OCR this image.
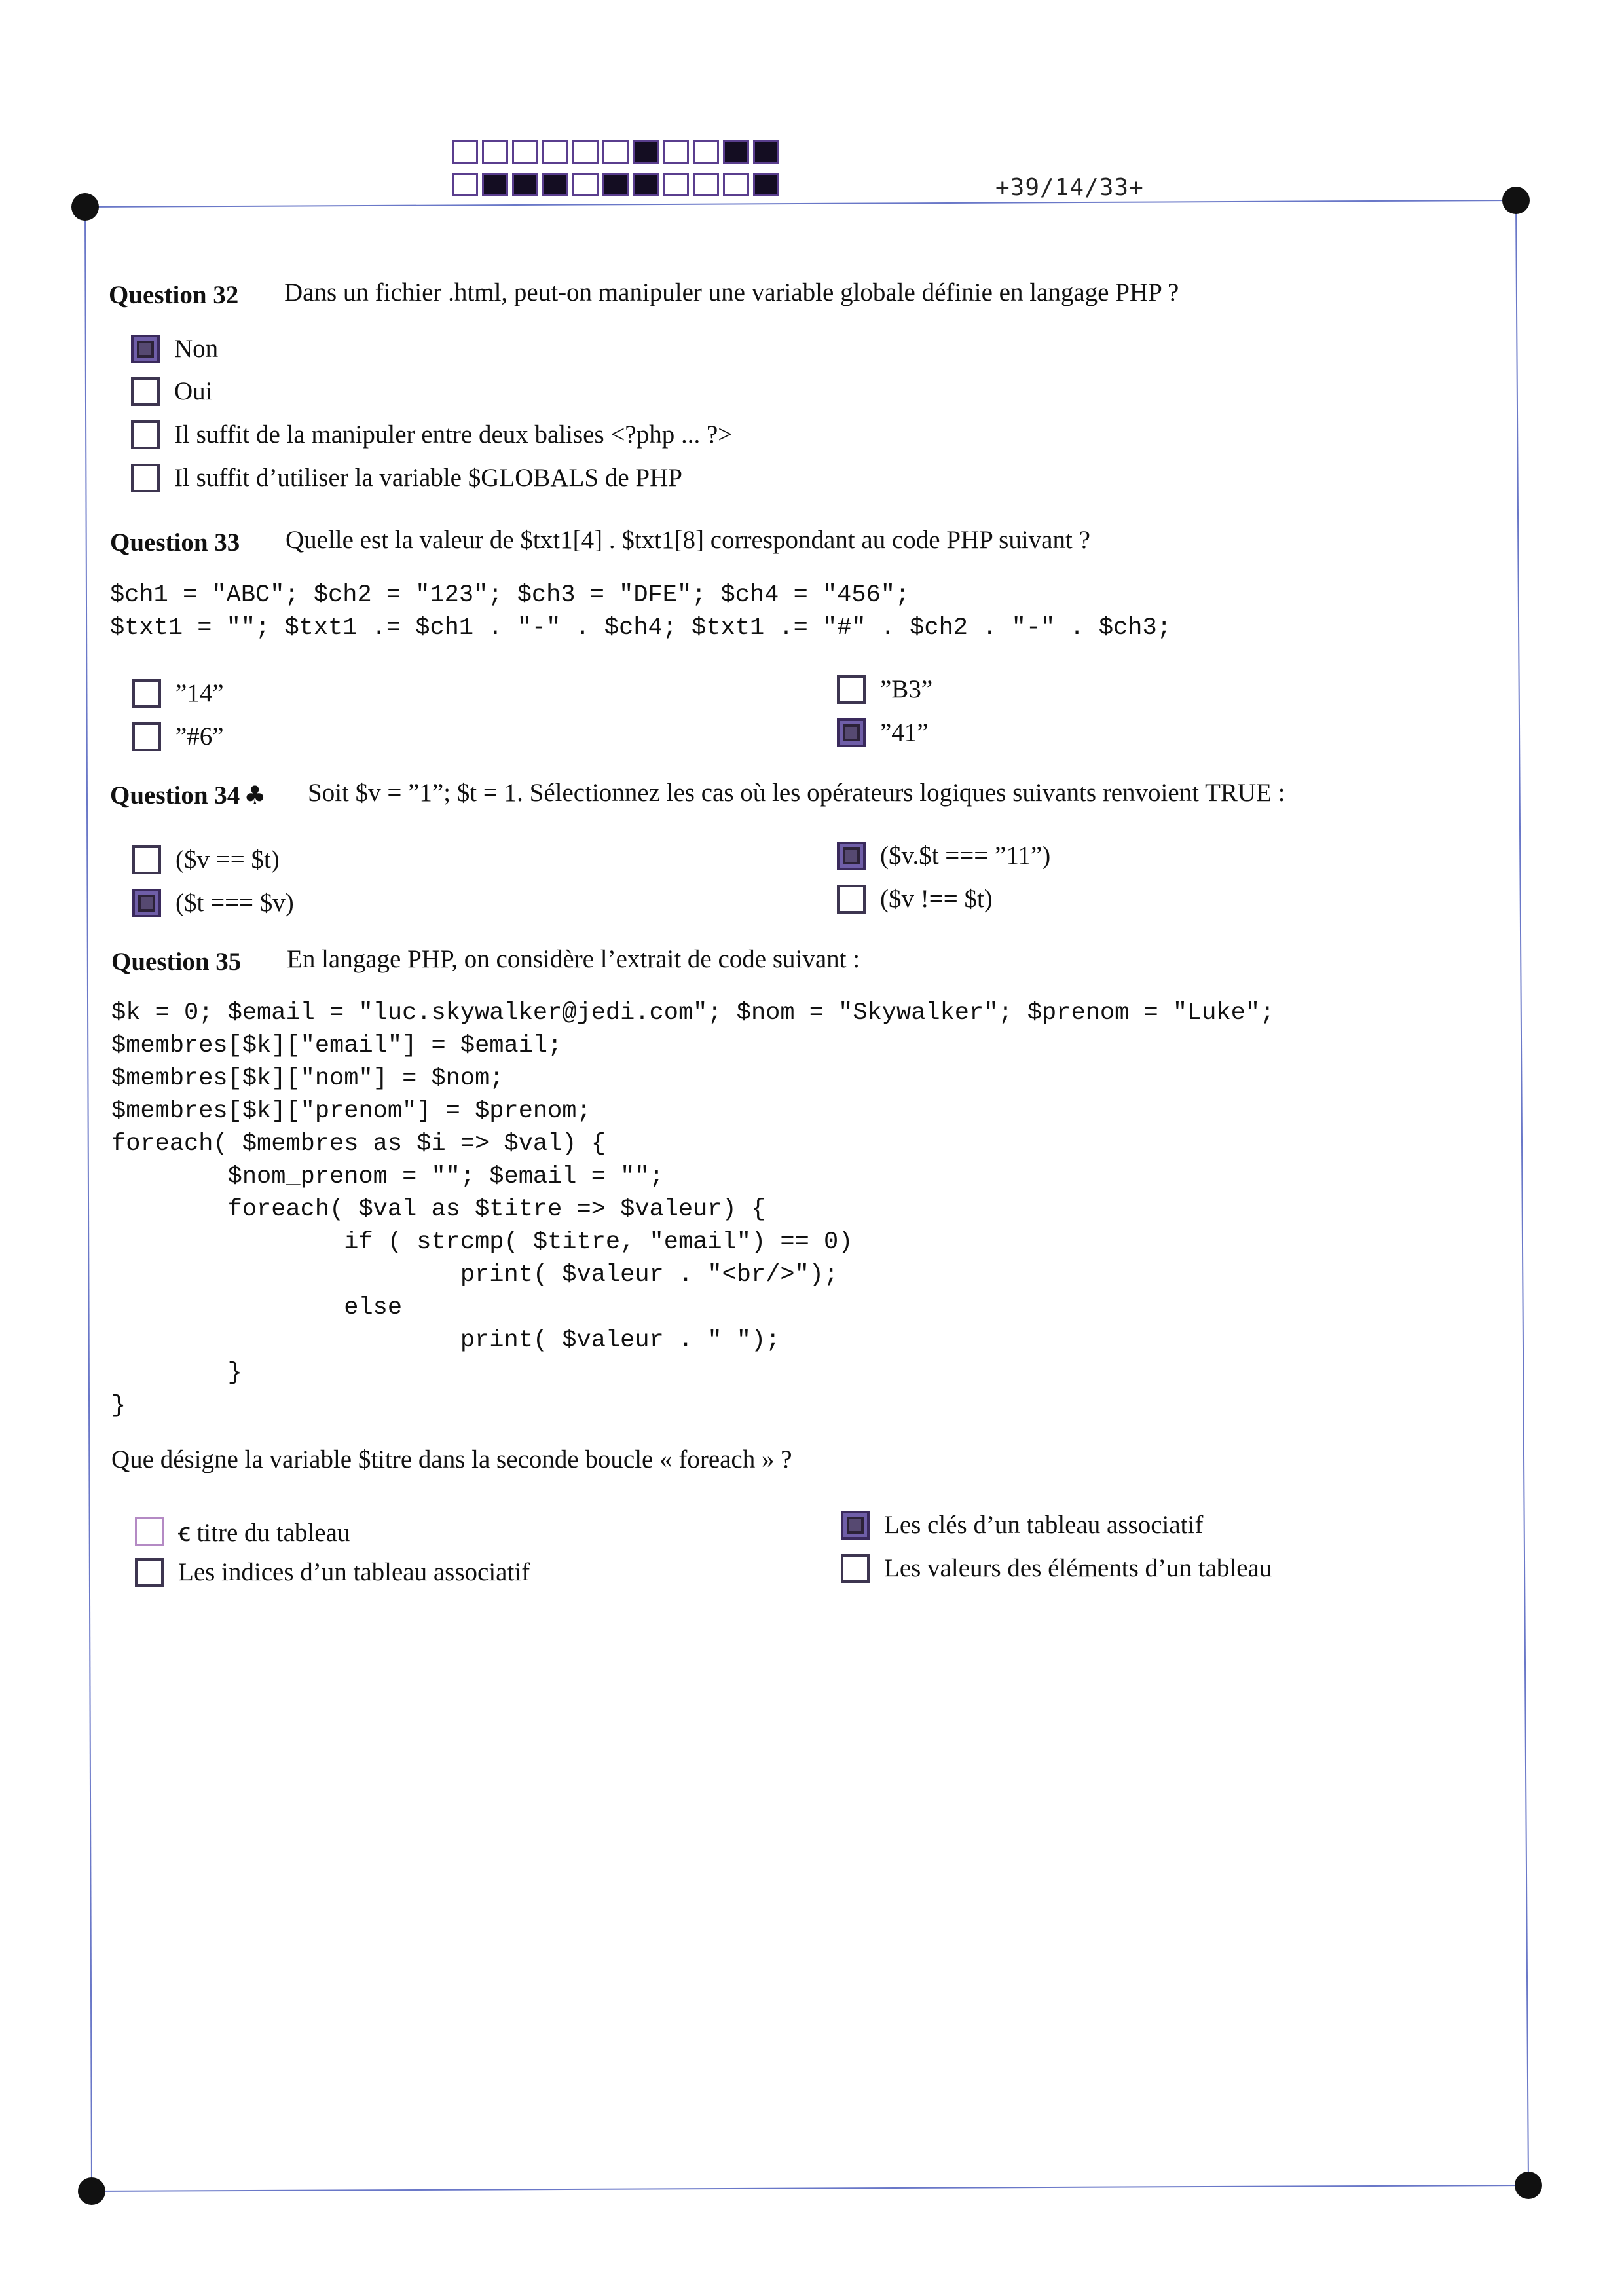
+39/14/33+
Question 32 Dans un fichier .html, peut-on manipuler une variable globale définie en langage PHP ?
Non
Oui
Il suffit de la manipuler entre deux balises <?php ... ?>
Il suffit d’utiliser la variable $GLOBALS de PHP
Question 33 Quelle est la valeur de $txt1[4] . $txt1[8] correspondant au code PHP suivant ?
$ch1 = "ABC"; $ch2 = "123"; $ch3 = "DFE"; $ch4 = "456";
$txt1 = ""; $txt1 .= $ch1 . "-" . $ch4; $txt1 .= "#" . $ch2 . "-" . $ch3;
”14”
”#6”
”B3”
”41”
Question 34 ♣ Soit $v = ”1”; $t = 1. Sélectionnez les cas où les opérateurs logiques suivants renvoient TRUE :
($v == $t)
($t === $v)
($v.$t === ”11”)
($v !== $t)
Question 35 En langage PHP, on considère l’extrait de code suivant :
$k = 0; $email = "luc.skywalker@jedi.com"; $nom = "Skywalker"; $prenom = "Luke";
$membres[$k]["email"] = $email;
$membres[$k]["nom"] = $nom;
$membres[$k]["prenom"] = $prenom;
foreach( $membres as $i => $val) {
$nom_prenom = ""; $email = "";
foreach( $val as $titre => $valeur) {
if ( strcmp( $titre, "email") == 0)
print( $valeur . "<br/>");
else
print( $valeur . " ");
}
}
Que désigne la variable $titre dans la seconde boucle « foreach » ?
ꞓ titre du tableau
Les indices d’un tableau associatif
Les clés d’un tableau associatif
Les valeurs des éléments d’un tableau
